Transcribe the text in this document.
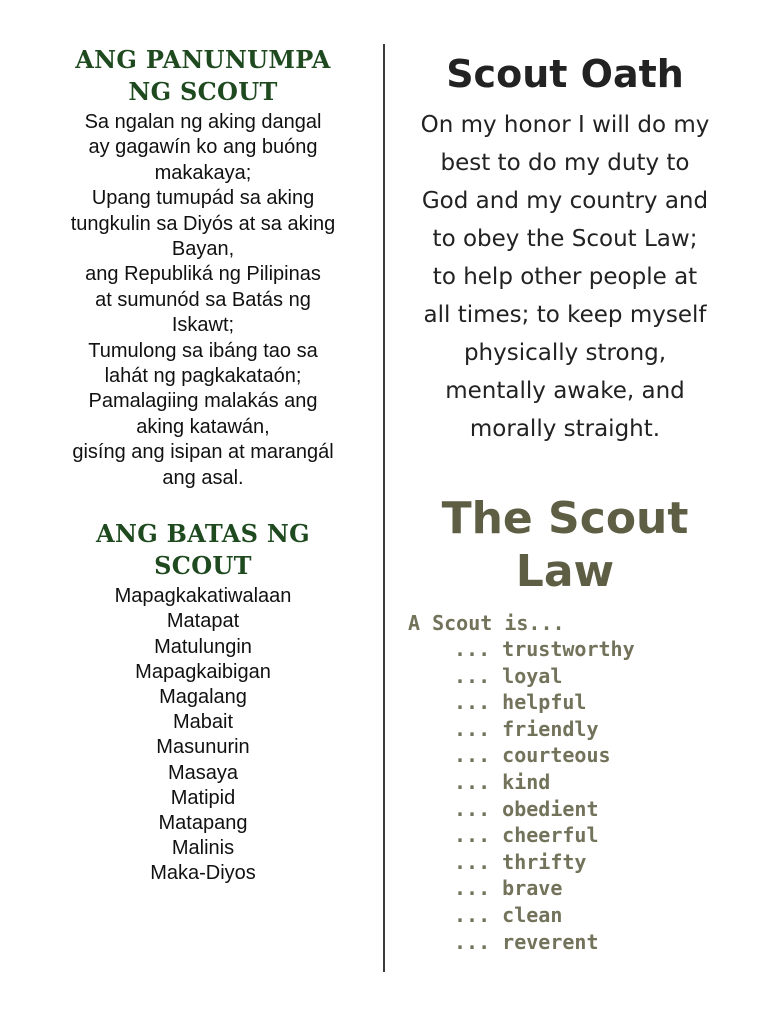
ANG PANUNUMPA
NG SCOUT
Sa ngalan ng aking dangal
ay gagawín ko ang buóng
makakaya;
Upang tumupád sa aking
tungkulin sa Diyós at sa aking
Bayan,
ang Republiká ng Pilipinas
at sumunód sa Batás ng
Iskawt;
Tumulong sa ibáng tao sa
lahát ng pagkakataón;
Pamalagiing malakás ang
aking katawán,
gisíng ang isipan at marangál
ang asal.
ANG BATAS NG
SCOUT
Mapagkakatiwalaan
Matapat
Matulungin
Mapagkaibigan
Magalang
Mabait
Masunurin
Masaya
Matipid
Matapang
Malinis
Maka-Diyos
Scout Oath
On my honor I will do my
best to do my duty to
God and my country and
to obey the Scout Law;
to help other people at
all times; to keep myself
physically strong,
mentally awake, and
morally straight.
The Scout
Law
A Scout is...
... trustworthy
... loyal
... helpful
... friendly
... courteous
... kind
... obedient
... cheerful
... thrifty
... brave
... clean
... reverent
